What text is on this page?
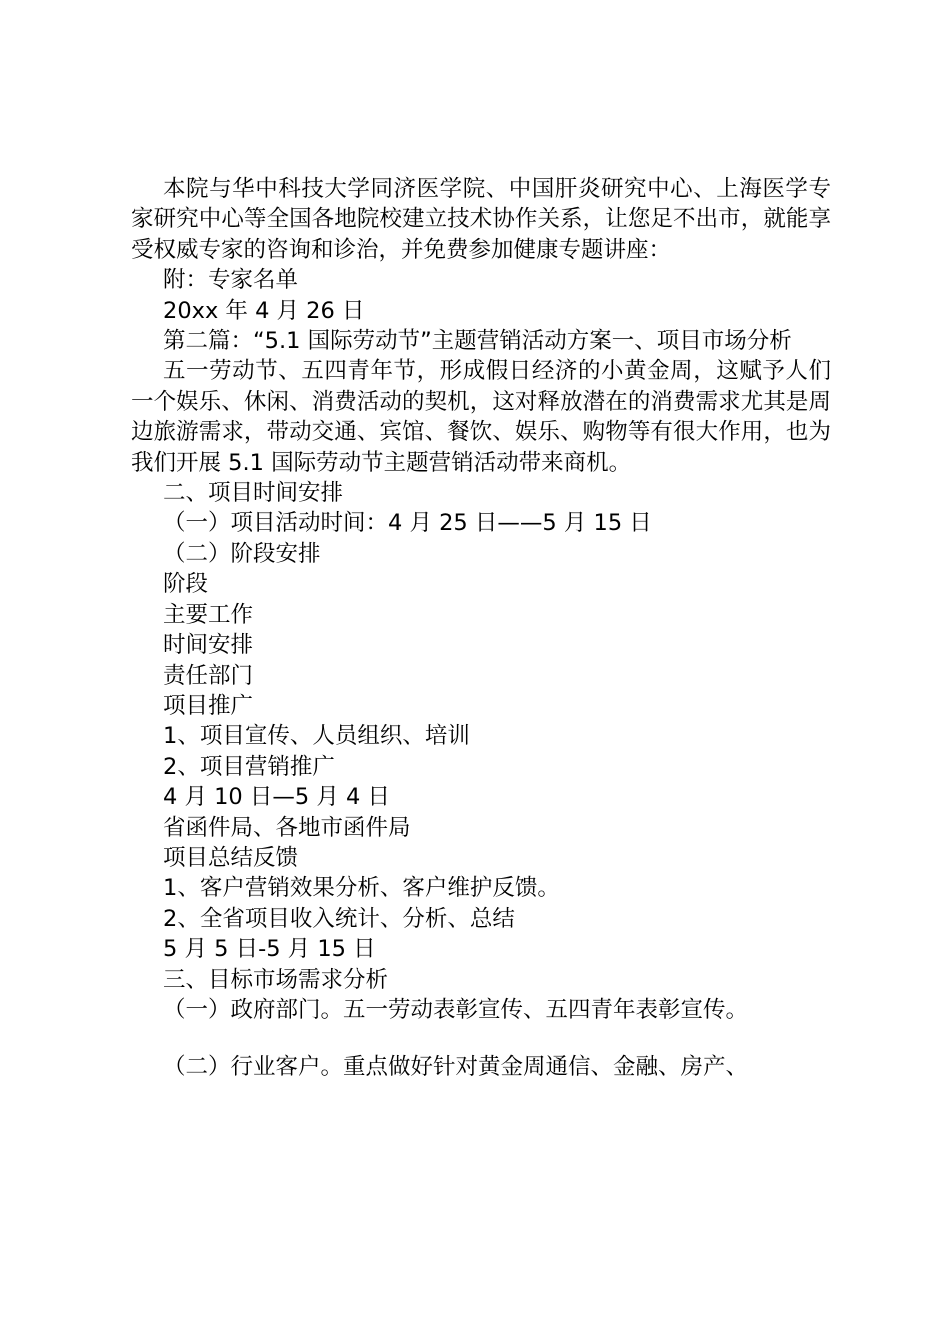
本院与华中科技大学同济医学院、中国肝炎研究中心、上海医学专家研究中心等全国各地院校建立技术协作关系，让您足不出市，就能享受权威专家的咨询和诊治，并免费参加健康专题讲座：

附：专家名单

20xx 年 4 月 26 日

第二篇：“5.1 国际劳动节”主题营销活动方案一、项目市场分析

五一劳动节、五四青年节，形成假日经济的小黄金周，这赋予人们一个娱乐、休闲、消费活动的契机，这对释放潜在的消费需求尤其是周边旅游需求，带动交通、宾馆、餐饮、娱乐、购物等有很大作用，也为我们开展 5.1 国际劳动节主题营销活动带来商机。

二、项目时间安排

（一）项目活动时间：4 月 25 日——5 月 15 日

（二）阶段安排

阶段

主要工作

时间安排

责任部门

项目推广

1、项目宣传、人员组织、培训

2、项目营销推广

4 月 10 日—5 月 4 日

省函件局、各地市函件局

项目总结反馈

1、客户营销效果分析、客户维护反馈。

2、全省项目收入统计、分析、总结

5 月 5 日-5 月 15 日

三、目标市场需求分析

（一）政府部门。五一劳动表彰宣传、五四青年表彰宣传。

（二）行业客户。重点做好针对黄金周通信、金融、房产、
